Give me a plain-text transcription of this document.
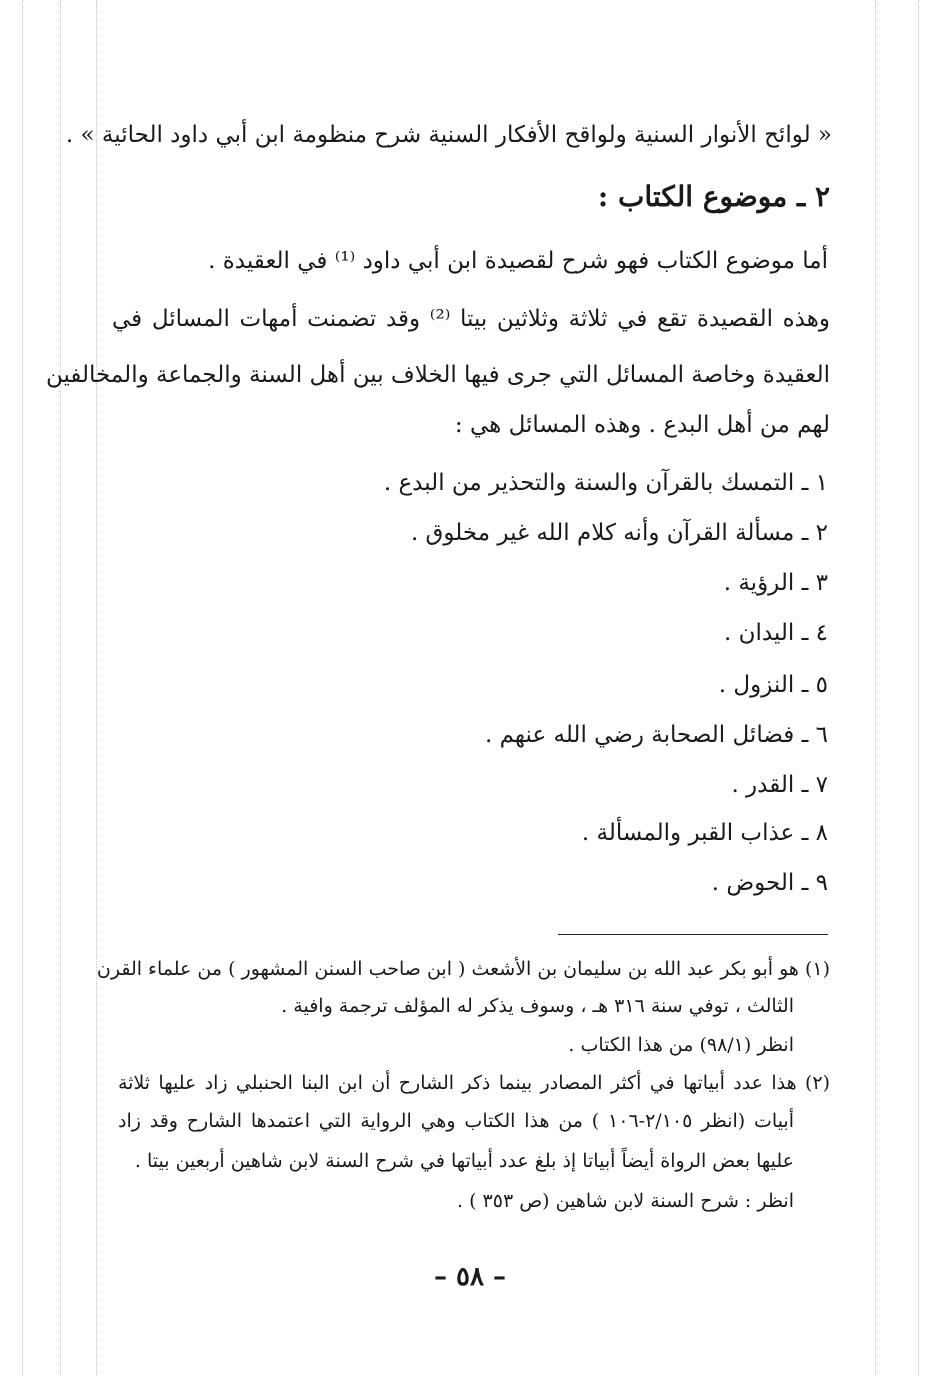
« لوائح الأنوار السنية ولواقح الأفكار السنية شرح منظومة ابن أبي داود الحائية » .
٢ ـ موضوع الكتاب :
أما موضوع الكتاب فهو شرح لقصيدة ابن أبي داود ⁽¹⁾ في العقيدة .
وهذه القصيدة تقع في ثلاثة وثلاثين بيتا ⁽²⁾ وقد تضمنت أمهات المسائل في
العقيدة وخاصة المسائل التي جرى فيها الخلاف بين أهل السنة والجماعة والمخالفين
لهم من أهل البدع . وهذه المسائل هي :
١ ـ التمسك بالقرآن والسنة والتحذير من البدع .
٢ ـ مسألة القرآن وأنه كلام الله غير مخلوق .
٣ ـ الرؤية .
٤ ـ اليدان .
٥ ـ النزول .
٦ ـ فضائل الصحابة رضي الله عنهم .
٧ ـ القدر .
٨ ـ عذاب القبر والمسألة .
٩ ـ الحوض .
(١) هو أبو بكر عبد الله بن سليمان بن الأشعث ( ابن صاحب السنن المشهور ) من علماء القرن
الثالث ، توفي سنة ٣١٦ هـ ، وسوف يذكر له المؤلف ترجمة وافية .
انظر (٩٨/١) من هذا الكتاب .
(٢) هذا عدد أبياتها في أكثر المصادر بينما ذكر الشارح أن ابن البنا الحنبلي زاد عليها ثلاثة
أبيات (انظر ٢/١٠٥-١٠٦ ) من هذا الكتاب وهي الرواية التي اعتمدها الشارح وقد زاد
عليها بعض الرواة أيضاً أبياتا إذ بلغ عدد أبياتها في شرح السنة لابن شاهين أربعين بيتا .
انظر : شرح السنة لابن شاهين (ص ٣٥٣ ) .
– ٥٨ –
